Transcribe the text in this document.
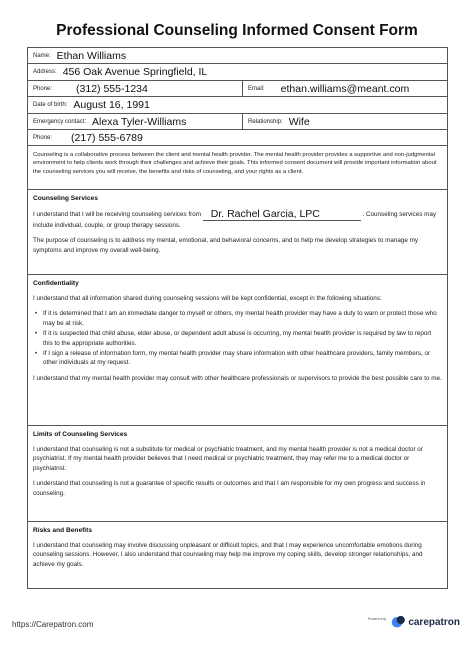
Professional Counseling Informed Consent Form
Name: Ethan Williams
Address: 456 Oak Avenue Springfield, IL
Phone: (312) 555-1234	Email: ethan.williams@meant.com
Date of birth: August 16, 1991
Emergency contact: Alexa Tyler-Williams	Relationship: Wife
Phone: (217) 555-6789

Counseling is a collaborative process between the client and mental health provider. The mental health provider provides a supportive and non-judgmental environment to help clients work through their challenges and achieve their goals. This informed consent document will provide important information about the counseling services you will receive, the benefits and risks of counseling, and your rights as a client.

Counseling Services

I understand that I will be receiving counseling services from Dr. Rachel Garcia, LPC	. Counseling services may include individual, couple, or group therapy sessions.

The purpose of counseling is to address my mental, emotional, and behavioral concerns, and to help me develop strategies to manage my symptoms and improve my overall well-being.

Confidentiality

I understand that all information shared during counseling sessions will be kept confidential, except in the following situations:

• If it is determined that I am an immediate danger to myself or others, my mental health provider may have a duty to warn or protect those who may be at risk.
• If it is suspected that child abuse, elder abuse, or dependent adult abuse is occurring, my mental health provider is required by law to report this to the appropriate authorities.
• If I sign a release of information form, my mental health provider may share information with other healthcare providers, family members, or other individuals at my request.

I understand that my mental health provider may consult with other healthcare professionals or supervisors to provide the best possible care to me.

Limits of Counseling Services

I understand that counseling is not a substitute for medical or psychiatric treatment, and my mental health provider is not a medical doctor or psychiatrist. If my mental health provider believes that I need medical or psychiatric treatment, they may refer me to a medical doctor or psychiatrist.

I understand that counseling is not a guarantee of specific results or outcomes and that I am responsible for my own progress and success in counseling.

Risks and Benefits

I understand that counseling may involve discussing unpleasant or difficult topics, and that I may experience uncomfortable emotions during counseling sessions. However, I also understand that counseling may help me improve my coping skills, develop stronger relationships, and achieve my goals.

https://Carepatron.com
Powered by carepatron
